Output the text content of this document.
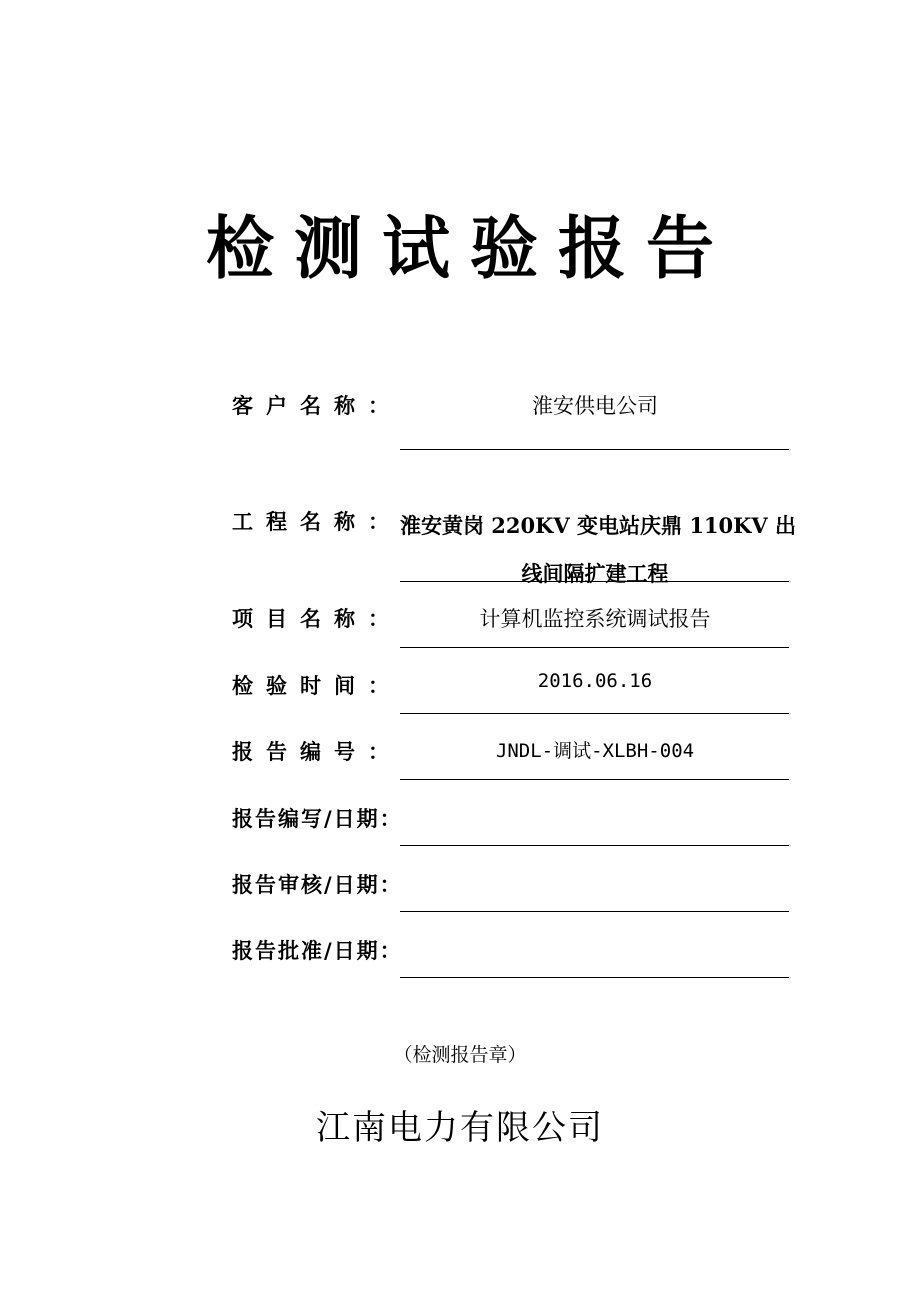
检测试验报告
客户名称：	淮安供电公司
工程名称：
淮安黄岗 220KV 变电站庆鼎 110KV 出
线间隔扩建工程
项目名称：	计算机监控系统调试报告
检验时间：	2016.06.16
报告编号：	JNDL-调试-XLBH-004
报告编写/日期：
报告审核/日期：
报告批准/日期：
（检测报告章）
江南电力有限公司
